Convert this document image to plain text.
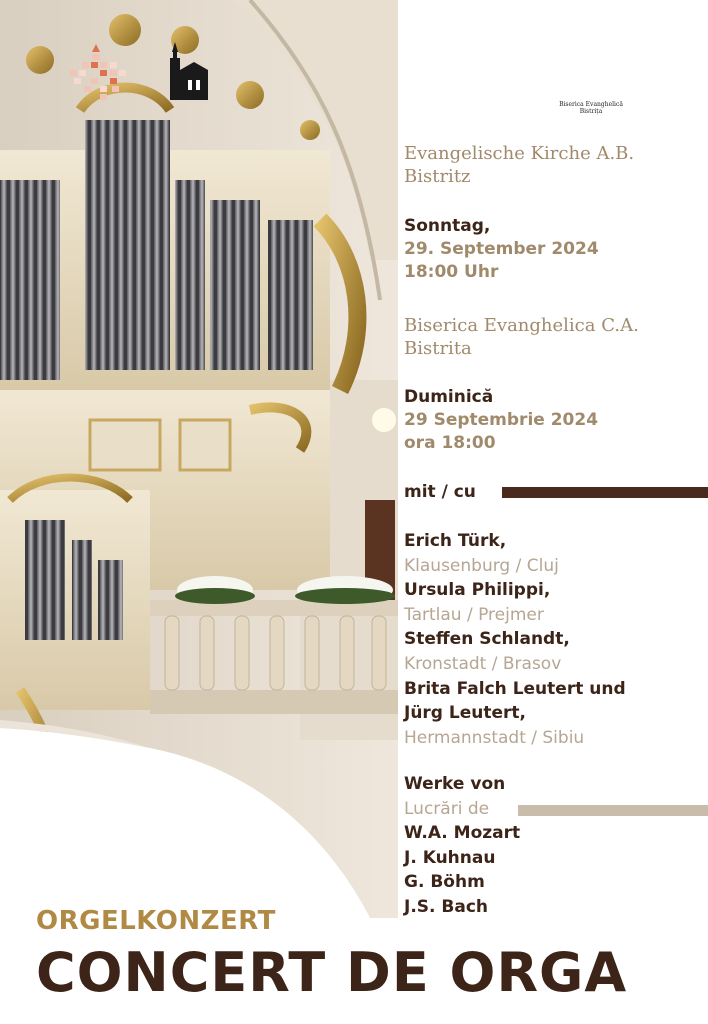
Biserica Evanghelică
Bistrița
Evangelische Kirche A.B.
Bistritz
Sonntag,
29. September 2024
18:00 Uhr
Biserica Evanghelica C.A.
Bistrita
Duminică
29 Septembrie 2024
ora 18:00
mit / cu
Erich Türk,
Klausenburg / Cluj
Ursula Philippi,
Tartlau / Prejmer
Steffen Schlandt,
Kronstadt / Brasov
Brita Falch Leutert und
Jürg Leutert,
Hermannstadt / Sibiu
Werke von
Lucrări de
W.A. Mozart
J. Kuhnau
G. Böhm
J.S. Bach
ORGELKONZERT
CONCERT DE ORGA
